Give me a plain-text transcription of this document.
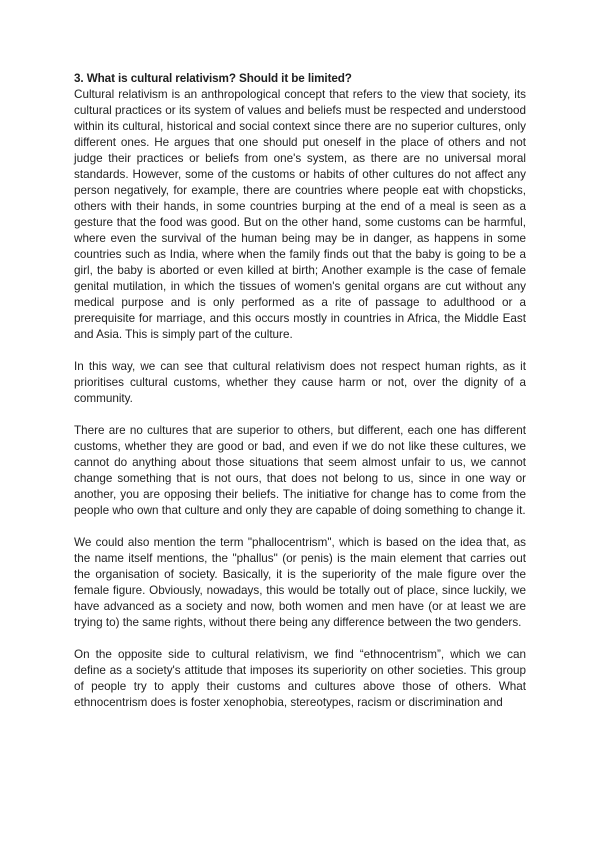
3. What is cultural relativism? Should it be limited?

Cultural relativism is an anthropological concept that refers to the view that society, its cultural practices or its system of values and beliefs must be respected and understood within its cultural, historical and social context since there are no superior cultures, only different ones. He argues that one should put oneself in the place of others and not judge their practices or beliefs from one's system, as there are no universal moral standards. However, some of the customs or habits of other cultures do not affect any person negatively, for example, there are countries where people eat with chopsticks, others with their hands, in some countries burping at the end of a meal is seen as a gesture that the food was good. But on the other hand, some customs can be harmful, where even the survival of the human being may be in danger, as happens in some countries such as India, where when the family finds out that the baby is going to be a girl, the baby is aborted or even killed at birth; Another example is the case of female genital mutilation, in which the tissues of women's genital organs are cut without any medical purpose and is only performed as a rite of passage to adulthood or a prerequisite for marriage, and this occurs mostly in countries in Africa, the Middle East and Asia. This is simply part of the culture.

In this way, we can see that cultural relativism does not respect human rights, as it prioritises cultural customs, whether they cause harm or not, over the dignity of a community.

There are no cultures that are superior to others, but different, each one has different customs, whether they are good or bad, and even if we do not like these cultures, we cannot do anything about those situations that seem almost unfair to us, we cannot change something that is not ours, that does not belong to us, since in one way or another, you are opposing their beliefs. The initiative for change has to come from the people who own that culture and only they are capable of doing something to change it.

We could also mention the term "phallocentrism", which is based on the idea that, as the name itself mentions, the "phallus" (or penis) is the main element that carries out the organisation of society. Basically, it is the superiority of the male figure over the female figure. Obviously, nowadays, this would be totally out of place, since luckily, we have advanced as a society and now, both women and men have (or at least we are trying to) the same rights, without there being any difference between the two genders.

On the opposite side to cultural relativism, we find “ethnocentrism”, which we can define as a society's attitude that imposes its superiority on other societies. This group of people try to apply their customs and cultures above those of others. What ethnocentrism does is foster xenophobia, stereotypes, racism or discrimination and
